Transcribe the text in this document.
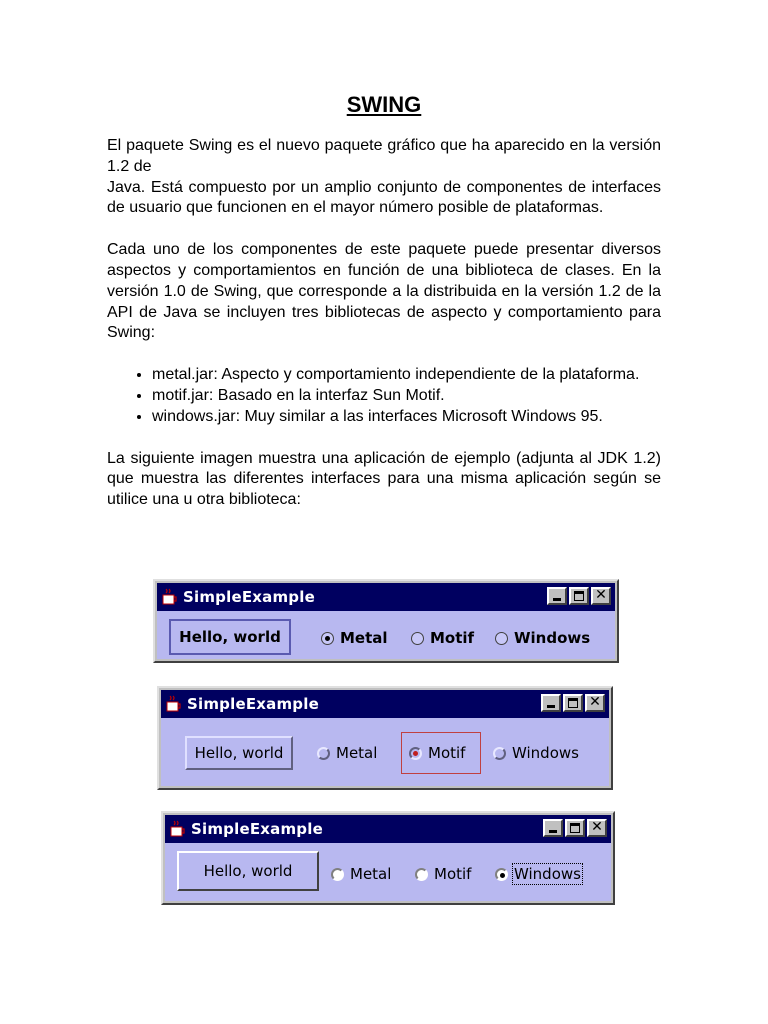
SWING

El paquete Swing es el nuevo paquete gráfico que ha aparecido en la versión 1.2 de

Java. Está compuesto por un amplio conjunto de componentes de interfaces de usuario que funcionen en el mayor número posible de plataformas.

Cada uno de los componentes de este paquete puede presentar diversos aspectos y comportamientos en función de una biblioteca de clases. En la versión 1.0 de Swing, que corresponde a la distribuida en la versión 1.2 de la API de Java se incluyen tres bibliotecas de aspecto y comportamiento para Swing:

• metal.jar: Aspecto y comportamiento independiente de la plataforma.
• motif.jar: Basado en la interfaz Sun Motif.
• windows.jar: Muy similar a las interfaces Microsoft Windows 95.

La siguiente imagen muestra una aplicación de ejemplo (adjunta al JDK 1.2) que muestra las diferentes interfaces para una misma aplicación según se utilice una u otra biblioteca:

SimpleExample	✕
Hello, world	Metal	Motif	Windows
SimpleExample	✕
Hello, world	Metal	Motif	Windows
SimpleExample	✕
Hello, world	Metal	Motif	Windows
